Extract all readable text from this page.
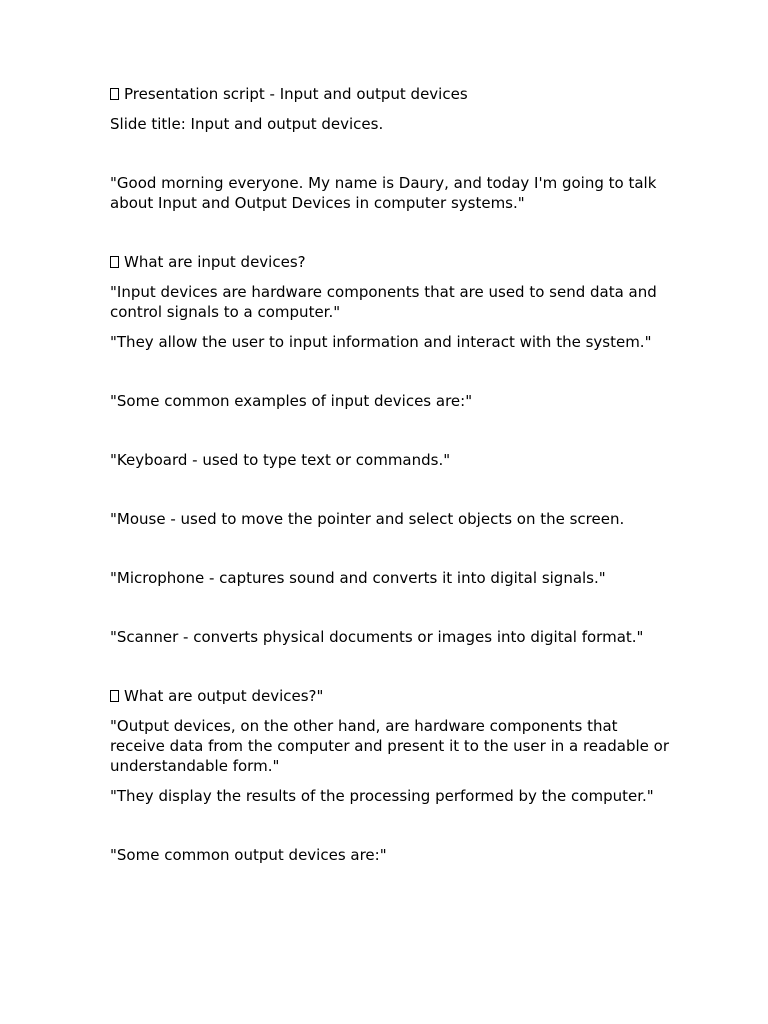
Presentation script - Input and output devices

Slide title: Input and output devices.

"Good morning everyone. My name is Daury, and today I'm going to talk about Input and Output Devices in computer systems."

What are input devices?

"Input devices are hardware components that are used to send data and control signals to a computer."

"They allow the user to input information and interact with the system."

"Some common examples of input devices are:"

"Keyboard - used to type text or commands."

"Mouse - used to move the pointer and select objects on the screen.

"Microphone - captures sound and converts it into digital signals."

"Scanner - converts physical documents or images into digital format."

What are output devices?"

"Output devices, on the other hand, are hardware components that receive data from the computer and present it to the user in a readable or understandable form."

"They display the results of the processing performed by the computer."

"Some common output devices are:"
